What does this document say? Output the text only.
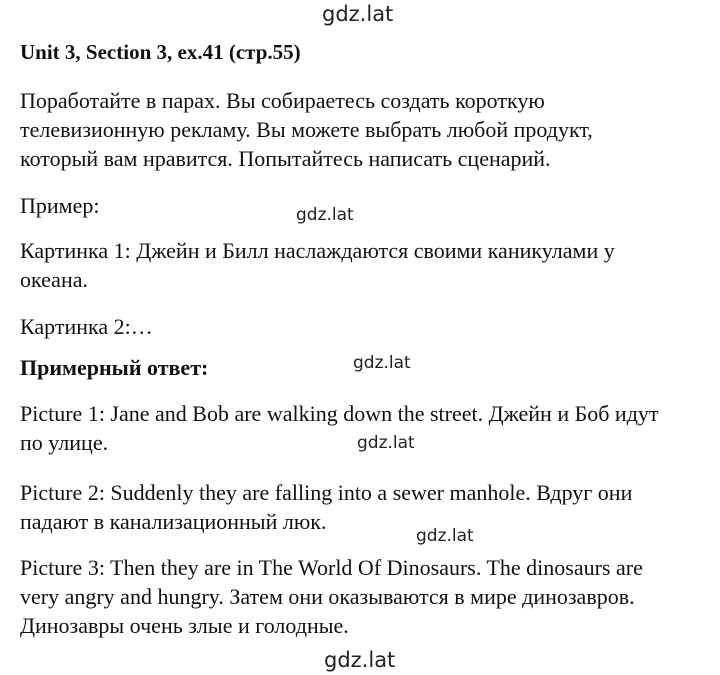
gdz.lat
Unit 3, Section 3, ex.41 (стр.55)
Поработайте в парах. Вы собираетесь создать короткую
телевизионную рекламу. Вы можете выбрать любой продукт,
который вам нравится. Попытайтесь написать сценарий.
Пример:	gdz.lat
Картинка 1: Джейн и Билл наслаждаются своими каникулами у
океана.
Картинка 2:…
Примерный ответ:	gdz.lat
Picture 1: Jane and Bob are walking down the street. Джейн и Боб идут
по улице.	gdz.lat
Picture 2: Suddenly they are falling into a sewer manhole. Вдруг они
падают в канализационный люк.
gdz.lat
Picture 3: Then they are in The World Of Dinosaurs. The dinosaurs are
very angry and hungry. Затем они оказываются в мире динозавров.
Динозавры очень злые и голодные.
gdz.lat
